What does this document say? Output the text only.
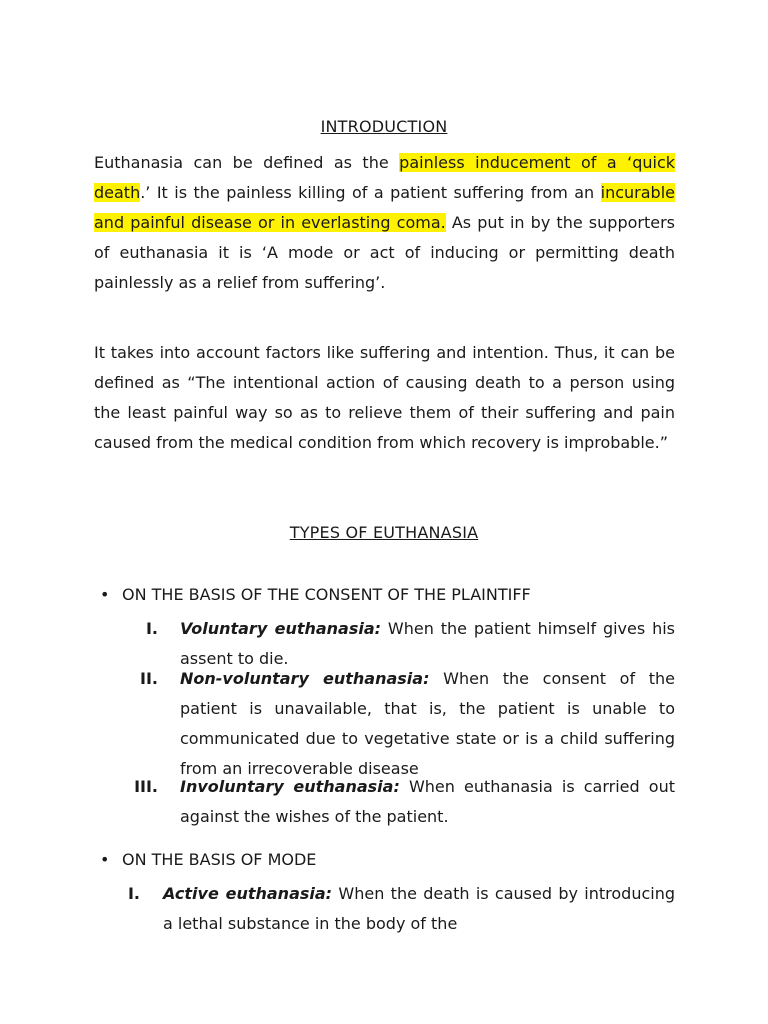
INTRODUCTION

Euthanasia can be defined as the painless inducement of a ‘quick death.’ It is the painless killing of a patient suffering from an incurable and painful disease or in everlasting coma. As put in by the supporters of euthanasia it is ‘A mode or act of inducing or permitting death painlessly as a relief from suffering’.

It takes into account factors like suffering and intention. Thus, it can be defined as “The intentional action of causing death to a person using the least painful way so as to relieve them of their suffering and pain caused from the medical condition from which recovery is improbable.”

TYPES OF EUTHANASIA
• ON THE BASIS OF THE CONSENT OF THE PLAINTIFF
I. Voluntary euthanasia: When the patient himself gives his assent to die.

II. Non-voluntary euthanasia: When the consent of the patient is unavailable, that is, the patient is unable to communicated due to vegetative state or is a child suffering from an irrecoverable disease

III. Involuntary euthanasia: When euthanasia is carried out against the wishes of the patient.

• ON THE BASIS OF MODE
I. Active euthanasia: When the death is caused by introducing a lethal substance in the body of the
